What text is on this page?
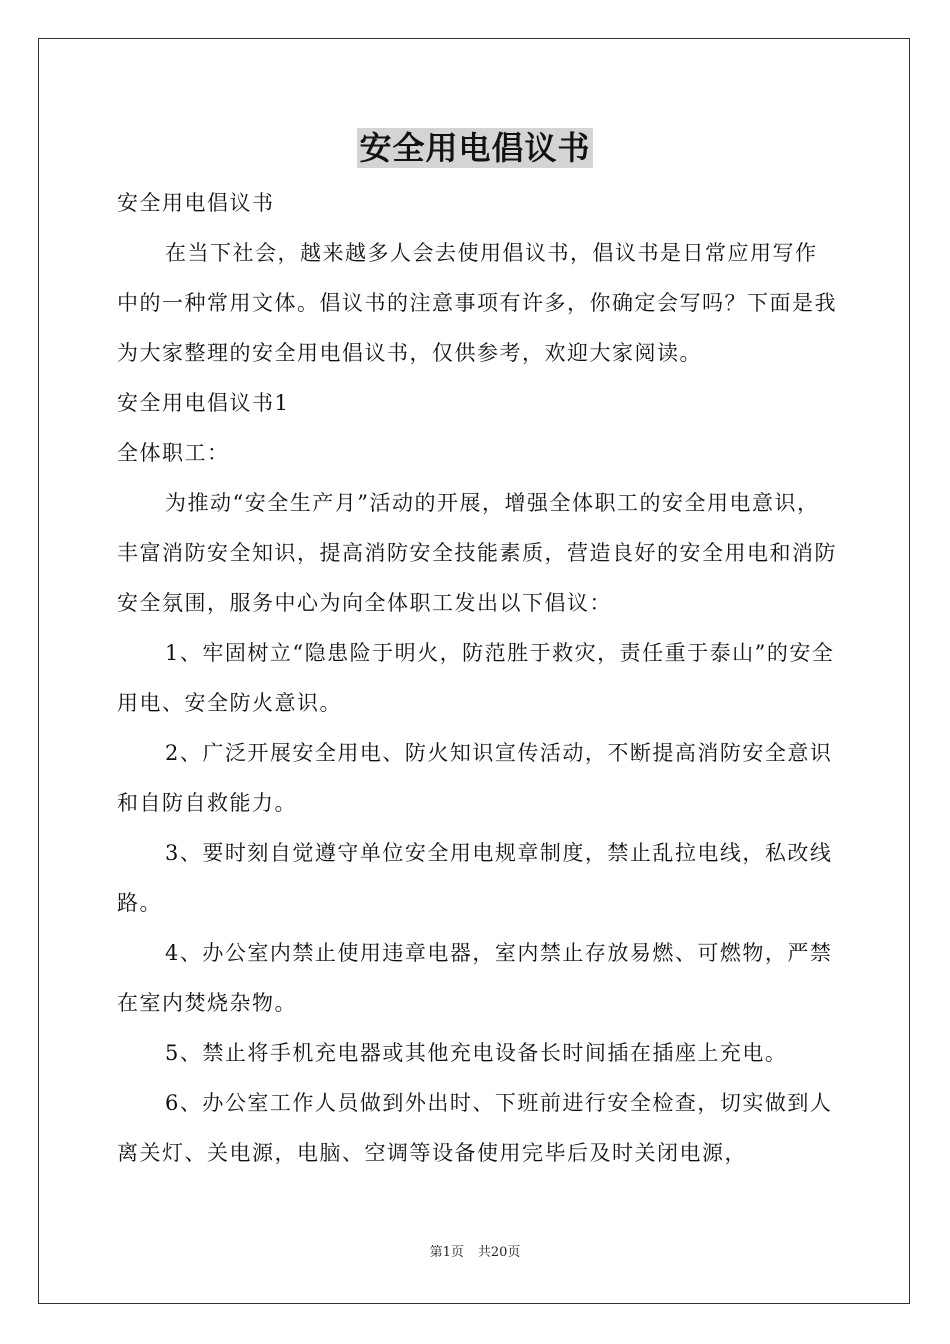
安全用电倡议书

安全用电倡议书

在当下社会，越来越多人会去使用倡议书，倡议书是日常应用写作中的一种常用文体。倡议书的注意事项有许多，你确定会写吗？下面是我为大家整理的安全用电倡议书，仅供参考，欢迎大家阅读。

安全用电倡议书1

全体职工：

为推动“安全生产月”活动的开展，增强全体职工的安全用电意识，丰富消防安全知识，提高消防安全技能素质，营造良好的安全用电和消防安全氛围，服务中心为向全体职工发出以下倡议：

1、牢固树立“隐患险于明火，防范胜于救灾，责任重于泰山”的安全用电、安全防火意识。

2、广泛开展安全用电、防火知识宣传活动，不断提高消防安全意识和自防自救能力。

3、要时刻自觉遵守单位安全用电规章制度，禁止乱拉电线，私改线路。

4、办公室内禁止使用违章电器，室内禁止存放易燃、可燃物，严禁在室内焚烧杂物。

5、禁止将手机充电器或其他充电设备长时间插在插座上充电。

6、办公室工作人员做到外出时、下班前进行安全检查，切实做到人离关灯、关电源，电脑、空调等设备使用完毕后及时关闭电源，

第1页 共20页
